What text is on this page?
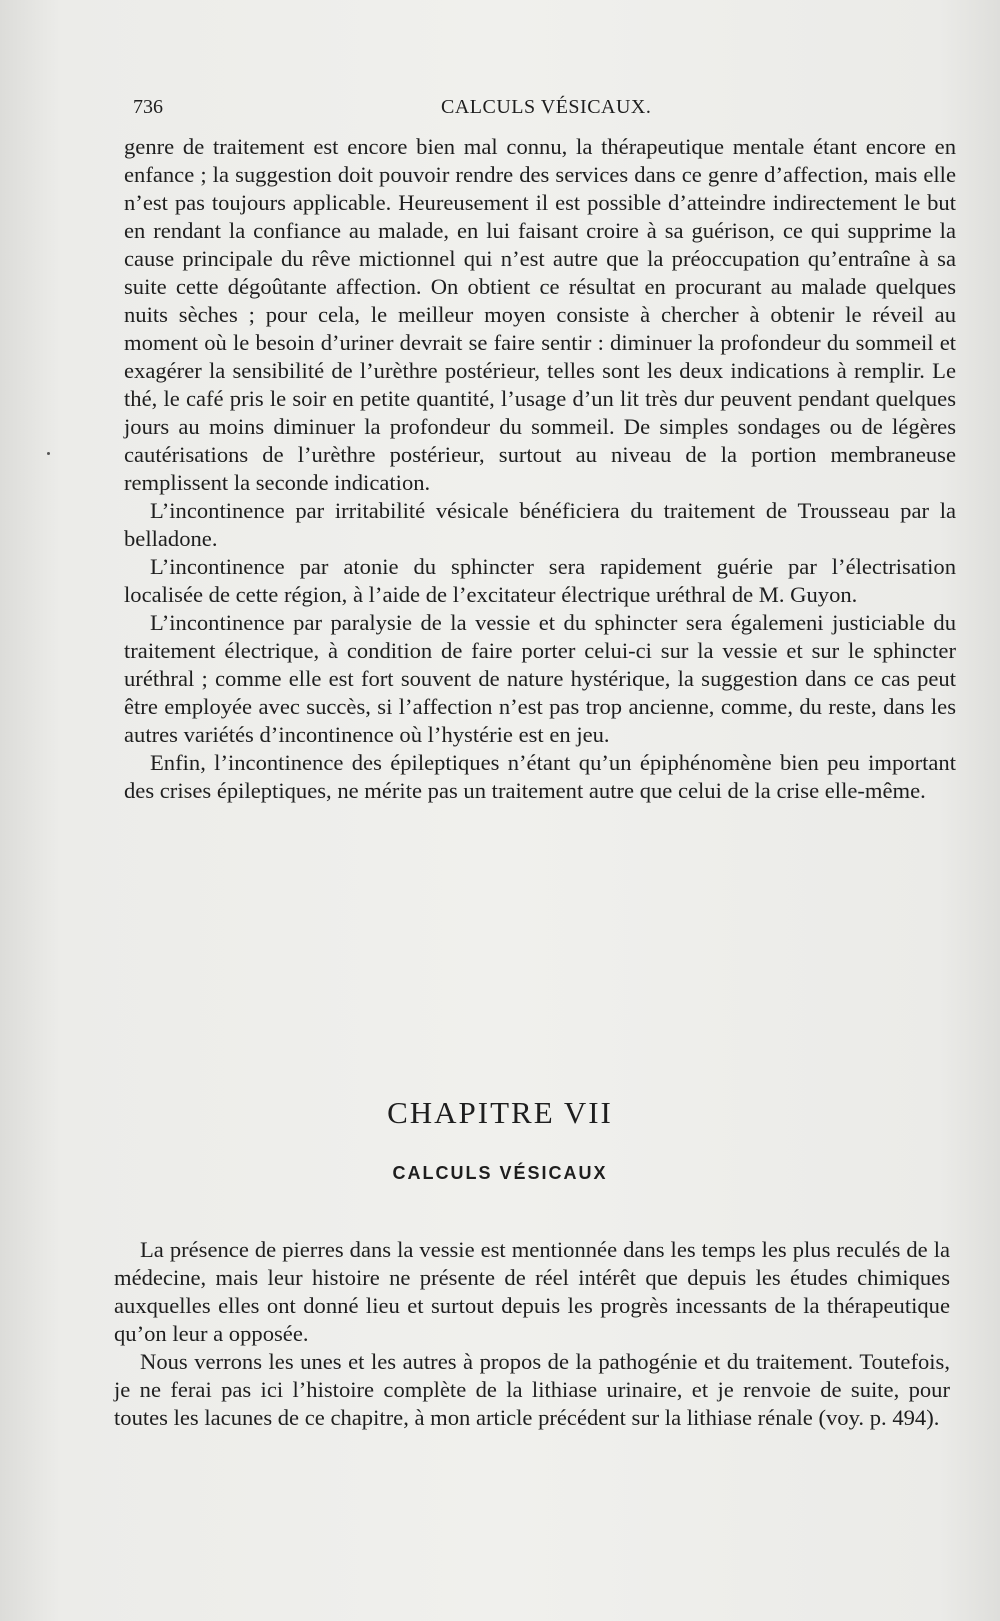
736	CALCULS VÉSICAUX.

genre de traitement est encore bien mal connu, la thérapeutique mentale étant encore en enfance ; la suggestion doit pouvoir rendre des services dans ce genre d’affection, mais elle n’est pas toujours applicable. Heureusement il est possible d’atteindre indirectement le but en rendant la confiance au malade, en lui faisant croire à sa guérison, ce qui supprime la cause principale du rêve mictionnel qui n’est autre que la préoccupation qu’entraîne à sa suite cette dégoûtante affection. On obtient ce résultat en procurant au malade quelques nuits sèches ; pour cela, le meilleur moyen consiste à chercher à obtenir le réveil au moment où le besoin d’uriner devrait se faire sentir : diminuer la profondeur du sommeil et exagérer la sensibilité de l’urèthre postérieur, telles sont les deux indications à remplir. Le thé, le café pris le soir en petite quantité, l’usage d’un lit très dur peuvent pendant quelques jours au moins diminuer la profondeur du sommeil. De simples sondages ou de légères cautérisations de l’urèthre postérieur, surtout au niveau de la portion membraneuse remplissent la seconde indication.

L’incontinence par irritabilité vésicale bénéficiera du traitement de Trousseau par la belladone.

L’incontinence par atonie du sphincter sera rapidement guérie par l’électrisation localisée de cette région, à l’aide de l’excitateur électrique uréthral de M. Guyon.

L’incontinence par paralysie de la vessie et du sphincter sera égalemeni justiciable du traitement électrique, à condition de faire porter celui-ci sur la vessie et sur le sphincter uréthral ; comme elle est fort souvent de nature hystérique, la suggestion dans ce cas peut être employée avec succès, si l’affection n’est pas trop ancienne, comme, du reste, dans les autres variétés d’incontinence où l’hystérie est en jeu.

Enfin, l’incontinence des épileptiques n’étant qu’un épiphénomène bien peu important des crises épileptiques, ne mérite pas un traitement autre que celui de la crise elle-même.

CHAPITRE VII
CALCULS VÉSICAUX

La présence de pierres dans la vessie est mentionnée dans les temps les plus reculés de la médecine, mais leur histoire ne présente de réel intérêt que depuis les études chimiques auxquelles elles ont donné lieu et surtout depuis les progrès incessants de la thérapeutique qu’on leur a opposée.

Nous verrons les unes et les autres à propos de la pathogénie et du traitement. Toutefois, je ne ferai pas ici l’histoire complète de la lithiase urinaire, et je renvoie de suite, pour toutes les lacunes de ce chapitre, à mon article précédent sur la lithiase rénale (voy. p. 494).
